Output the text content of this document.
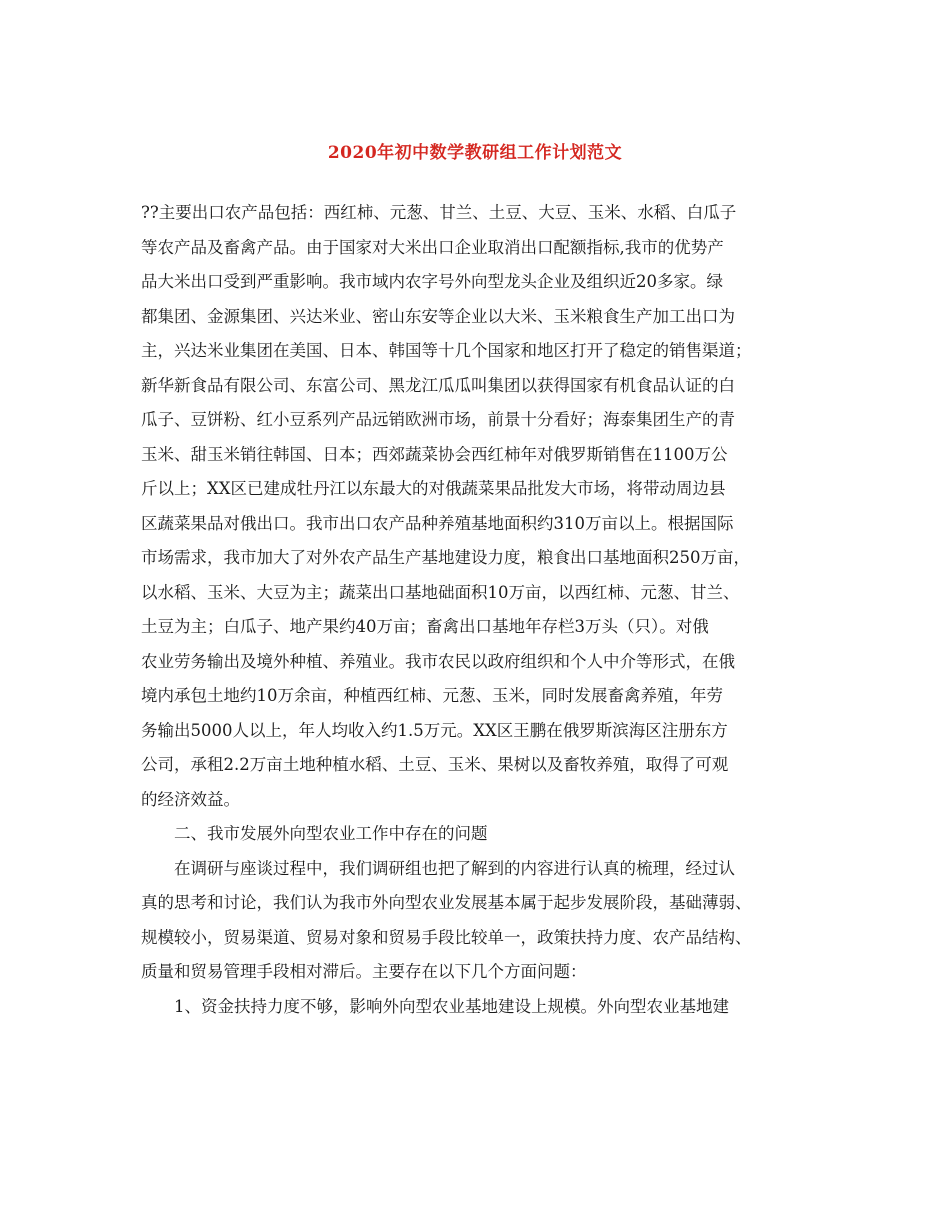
2020年初中数学教研组工作计划范文
??主要出口农产品包括：西红柿、元葱、甘兰、土豆、大豆、玉米、水稻、白瓜子
等农产品及畜禽产品。由于国家对大米出口企业取消出口配额指标,我市的优势产
品大米出口受到严重影响。我市域内农字号外向型龙头企业及组织近20多家。绿
都集团、金源集团、兴达米业、密山东安等企业以大米、玉米粮食生产加工出口为
主，兴达米业集团在美国、日本、韩国等十几个国家和地区打开了稳定的销售渠道；
新华新食品有限公司、东富公司、黑龙江瓜瓜叫集团以获得国家有机食品认证的白
瓜子、豆饼粉、红小豆系列产品远销欧洲市场，前景十分看好；海泰集团生产的青
玉米、甜玉米销往韩国、日本；西郊蔬菜协会西红柿年对俄罗斯销售在1100万公
斤以上；XX区已建成牡丹江以东最大的对俄蔬菜果品批发大市场，将带动周边县
区蔬菜果品对俄出口。我市出口农产品种养殖基地面积约310万亩以上。根据国际
市场需求，我市加大了对外农产品生产基地建设力度，粮食出口基地面积250万亩，
以水稻、玉米、大豆为主；蔬菜出口基地础面积10万亩，以西红柿、元葱、甘兰、
土豆为主；白瓜子、地产果约40万亩；畜禽出口基地年存栏3万头（只）。对俄
农业劳务输出及境外种植、养殖业。我市农民以政府组织和个人中介等形式，在俄
境内承包土地约10万余亩，种植西红柿、元葱、玉米，同时发展畜禽养殖，年劳
务输出5000人以上，年人均收入约1.5万元。XX区王鹏在俄罗斯滨海区注册东方
公司，承租2.2万亩土地种植水稻、土豆、玉米、果树以及畜牧养殖，取得了可观
的经济效益。
二、我市发展外向型农业工作中存在的问题
在调研与座谈过程中，我们调研组也把了解到的内容进行认真的梳理，经过认
真的思考和讨论，我们认为我市外向型农业发展基本属于起步发展阶段，基础薄弱、
规模较小，贸易渠道、贸易对象和贸易手段比较单一，政策扶持力度、农产品结构、
质量和贸易管理手段相对滞后。主要存在以下几个方面问题：
1、资金扶持力度不够，影响外向型农业基地建设上规模。外向型农业基地建
